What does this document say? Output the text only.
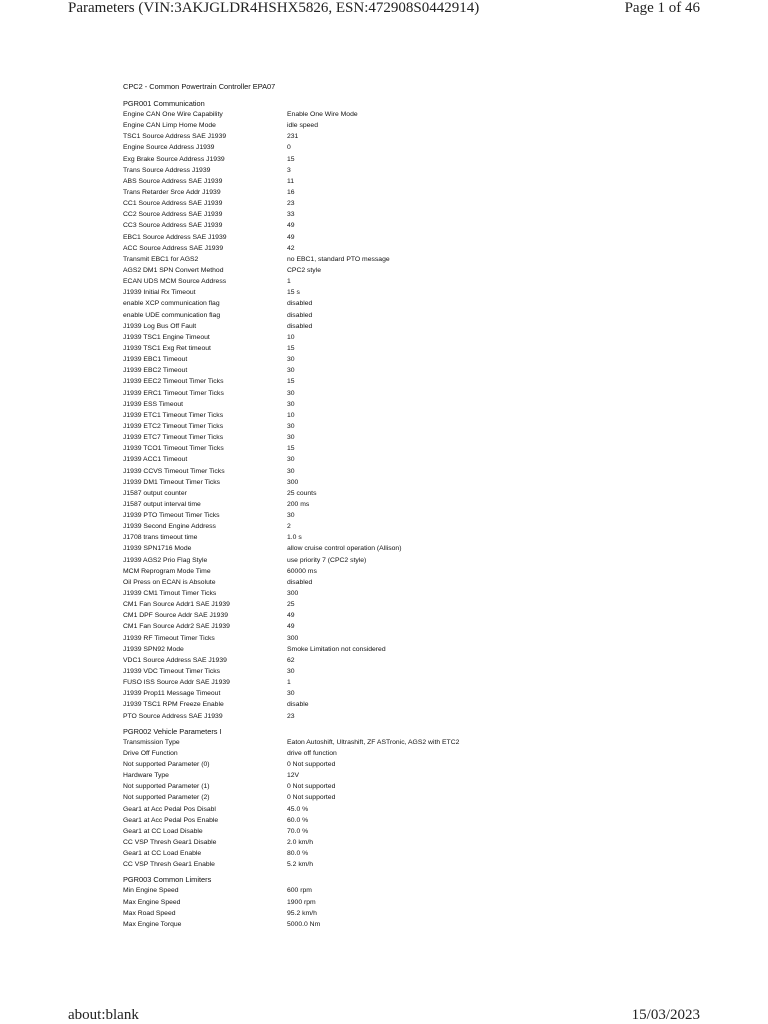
Parameters (VIN:3AKJGLDR4HSHX5826, ESN:472908S0442914)	Page 1 of 46
CPC2 - Common Powertrain Controller EPA07
PGR001 Communication
Engine CAN One Wire Capability	Enable One Wire Mode
Engine CAN Limp Home Mode	idle speed
TSC1 Source Address SAE J1939	231
Engine Source Address J1939	0
Exg Brake Source Address J1939	15
Trans Source Address J1939	3
ABS Source Address SAE J1939	11
Trans Retarder Srce Addr J1939	16
CC1 Source Address SAE J1939	23
CC2 Source Address SAE J1939	33
CC3 Source Address SAE J1939	49
EBC1 Source Address SAE J1939	49
ACC Source Address SAE J1939	42
Transmit EBC1 for AGS2	no EBC1, standard PTO message
AGS2 DM1 SPN Convert Method	CPC2 style
ECAN UDS MCM Source Address	1
J1939 Initial Rx Timeout	15 s
enable XCP communication flag	disabled
enable UDE communication flag	disabled
J1939 Log Bus Off Fault	disabled
J1939 TSC1 Engine Timeout	10
J1939 TSC1 Exg Ret timeout	15
J1939 EBC1 Timeout	30
J1939 EBC2 Timeout	30
J1939 EEC2 Timeout Timer Ticks	15
J1939 ERC1 Timeout Timer Ticks	30
J1939 ESS Timeout	30
J1939 ETC1 Timeout Timer Ticks	10
J1939 ETC2 Timeout Timer Ticks	30
J1939 ETC7 Timeout Timer Ticks	30
J1939 TCO1 Timeout Timer Ticks	15
J1939 ACC1 Timeout	30
J1939 CCVS Timeout Timer Ticks	30
J1939 DM1 Timeout Timer Ticks	300
J1587 output counter	25 counts
J1587 output interval time	200 ms
J1939 PTO Timeout Timer Ticks	30
J1939 Second Engine Address	2
J1708 trans timeout time	1.0 s
J1939 SPN1716 Mode	allow cruise control operation (Allison)
J1939 AGS2 Prio Flag Style	use priority 7 (CPC2 style)
MCM Reprogram Mode Time	60000 ms
Oil Press on ECAN is Absolute	disabled
J1939 CM1 Timout Timer Ticks	300
CM1 Fan Source Addr1 SAE J1939	25
CM1 DPF Source Addr SAE J1939	49
CM1 Fan Source Addr2 SAE J1939	49
J1939 RF Timeout Timer Ticks	300
J1939 SPN92 Mode	Smoke Limitation not considered
VDC1 Source Address SAE J1939	62
J1939 VDC Timeout Timer Ticks	30
FUSO ISS Source Addr SAE J1939	1
J1939 Prop11 Message Timeout	30
J1939 TSC1 RPM Freeze Enable	disable
PTO Source Address SAE J1939	23
PGR002 Vehicle Parameters I
Transmission Type	Eaton Autoshift, Ultrashift, ZF ASTronic, AGS2 with ETC2
Drive Off Function	drive off function
Not supported Parameter (0)	0 Not supported
Hardware Type	12V
Not supported Parameter (1)	0 Not supported
Not supported Parameter (2)	0 Not supported
Gear1 at Acc Pedal Pos Disabl	45.0 %
Gear1 at Acc Pedal Pos Enable	60.0 %
Gear1 at CC Load Disable	70.0 %
CC VSP Thresh Gear1 Disable	2.0 km/h
Gear1 at CC Load Enable	80.0 %
CC VSP Thresh Gear1 Enable	5.2 km/h
PGR003 Common Limiters
Min Engine Speed	600 rpm
Max Engine Speed	1900 rpm
Max Road Speed	95.2 km/h
Max Engine Torque	5000.0 Nm
about:blank	15/03/2023
